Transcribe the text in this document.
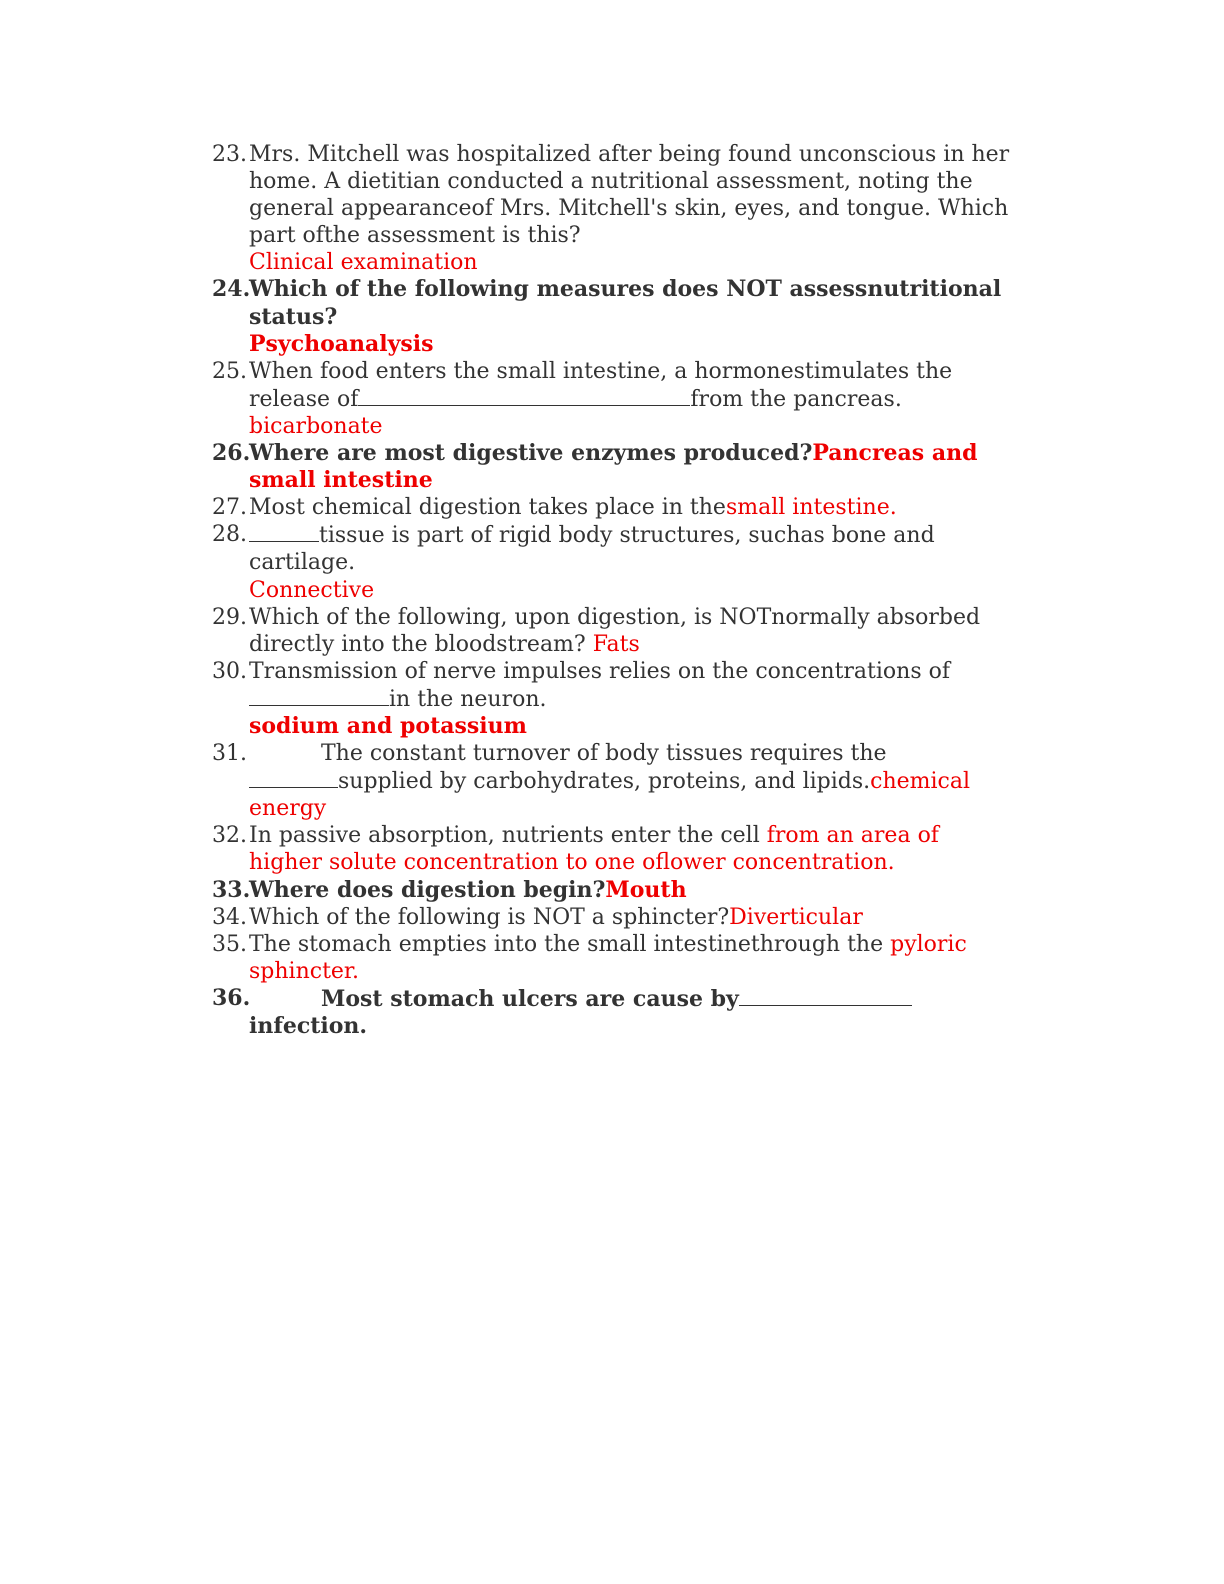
23. Mrs. Mitchell was hospitalized after being found unconscious in her home. A dietitian conducted a nutritional assessment, noting the general appearanceof Mrs. Mitchell's skin, eyes, and tongue. Which part ofthe assessment is this?
Clinical examination
24.
Which of the following measures does NOT assessnutritional status?
Psychoanalysis
25. When food enters the small intestine, a hormonestimulates the release of	from the pancreas.
bicarbonate
26.
Where are most digestive enzymes produced?Pancreas and small intestine
27. Most chemical digestion takes place in thesmall intestine.
28.	tissue is part of rigid body structures, suchas bone and cartilage.
Connective
29. Which of the following, upon digestion, is NOTnormally absorbed directly into the bloodstream? Fats
30. Transmission of nerve impulses relies on the concentrations ofin the neuron.
sodium and potassium
31.	The constant turnover of body tissues requires the
supplied by carbohydrates, proteins, and lipids.chemical energy
32. In passive absorption, nutrients enter the cell from an area of higher solute concentration to one oflower concentration.
33.
Where does digestion begin?Mouth
34. Which of the following is NOT a sphincter?Diverticular
35. The stomach empties into the small intestinethrough the pyloric sphincter.
36.	Most stomach ulcers are cause byinfection.
